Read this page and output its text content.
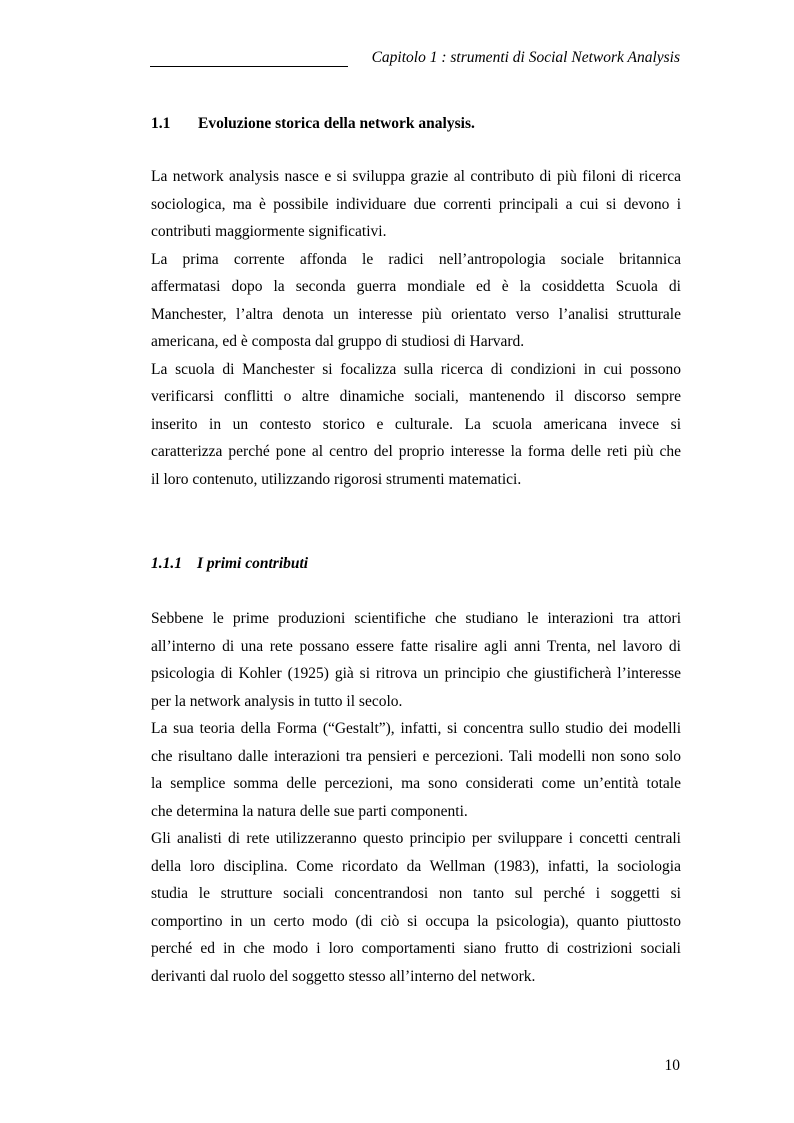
Capitolo 1 : strumenti di Social Network Analysis
1.1 Evoluzione storica della network analysis.
La network analysis nasce e si sviluppa grazie al contributo di più filoni di ricerca
sociologica, ma è possibile individuare due correnti principali a cui si devono i
contributi maggiormente significativi.
La prima corrente affonda le radici nell’antropologia sociale britannica
affermatasi dopo la seconda guerra mondiale ed è la cosiddetta Scuola di
Manchester, l’altra denota un interesse più orientato verso l’analisi strutturale
americana, ed è composta dal gruppo di studiosi di Harvard.
La scuola di Manchester si focalizza sulla ricerca di condizioni in cui possono
verificarsi conflitti o altre dinamiche sociali, mantenendo il discorso sempre
inserito in un contesto storico e culturale. La scuola americana invece si
caratterizza perché pone al centro del proprio interesse la forma delle reti più che
il loro contenuto, utilizzando rigorosi strumenti matematici.
1.1.1 I primi contributi
Sebbene le prime produzioni scientifiche che studiano le interazioni tra attori
all’interno di una rete possano essere fatte risalire agli anni Trenta, nel lavoro di
psicologia di Kohler (1925) già si ritrova un principio che giustificherà l’interesse
per la network analysis in tutto il secolo.
La sua teoria della Forma (“Gestalt”), infatti, si concentra sullo studio dei modelli
che risultano dalle interazioni tra pensieri e percezioni. Tali modelli non sono solo
la semplice somma delle percezioni, ma sono considerati come un’entità totale
che determina la natura delle sue parti componenti.
Gli analisti di rete utilizzeranno questo principio per sviluppare i concetti centrali
della loro disciplina. Come ricordato da Wellman (1983), infatti, la sociologia
studia le strutture sociali concentrandosi non tanto sul perché i soggetti si
comportino in un certo modo (di ciò si occupa la psicologia), quanto piuttosto
perché ed in che modo i loro comportamenti siano frutto di costrizioni sociali
derivanti dal ruolo del soggetto stesso all’interno del network.
10
